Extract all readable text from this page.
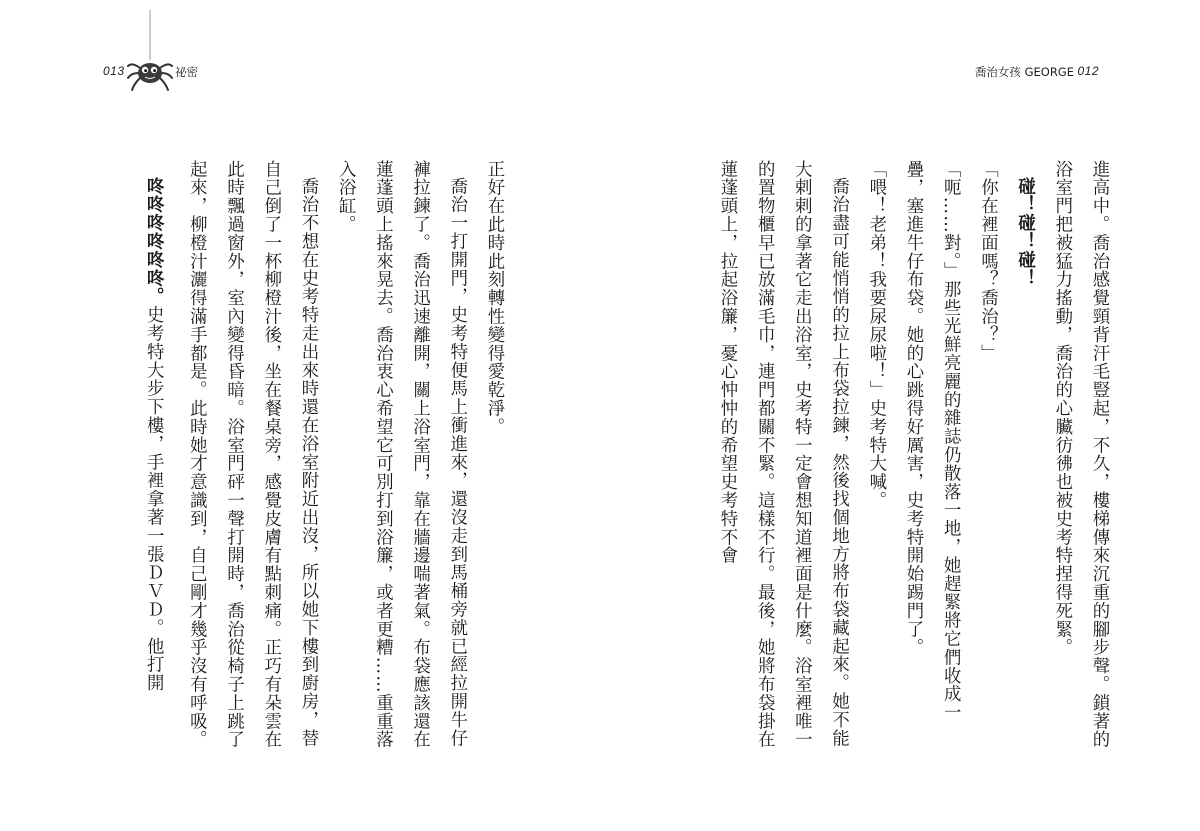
013	祕密

正好在此時此刻轉性變得愛乾淨。

喬治一打開門，史考特便馬上衝進來，還沒走到馬桶旁就已經拉開牛仔褲拉鍊了。喬治迅速離開，關上浴室門，靠在牆邊喘著氣。布袋應該還在蓮蓬頭上搖來晃去。喬治衷心希望它可別打到浴簾，或者更糟……重重落入浴缸。

喬治不想在史考特走出來時還在浴室附近出沒，所以她下樓到廚房，替自己倒了一杯柳橙汁後，坐在餐桌旁，感覺皮膚有點刺痛。正巧有朵雲在此時飄過窗外，室內變得昏暗。浴室門砰一聲打開時，喬治從椅子上跳了起來，柳橙汁灑得滿手都是。此時她才意識到，自己剛才幾乎沒有呼吸。

咚咚咚咚咚咚。史考特大步下樓，手裡拿著一張ＤＶＤ。他打開

喬治女孩 GEORGE 012

進高中。喬治感覺頸背汗毛豎起，不久，樓梯傳來沉重的腳步聲。鎖著的浴室門把被猛力搖動，喬治的心臟彷彿也被史考特捏得死緊。

碰！碰！碰！

「你在裡面嗎？喬治？」

「呃……對。」那些光鮮亮麗的雜誌仍散落一地，她趕緊將它們收成一疊，塞進牛仔布袋。她的心跳得好厲害，史考特開始踢門了。

「喂！老弟！我要尿尿啦！」史考特大喊。

喬治盡可能悄悄的拉上布袋拉鍊，然後找個地方將布袋藏起來。她不能大剌剌的拿著它走出浴室，史考特一定會想知道裡面是什麼。浴室裡唯一的置物櫃早已放滿毛巾，連門都關不緊。這樣不行。最後，她將布袋掛在蓮蓬頭上，拉起浴簾，憂心忡忡的希望史考特不會
